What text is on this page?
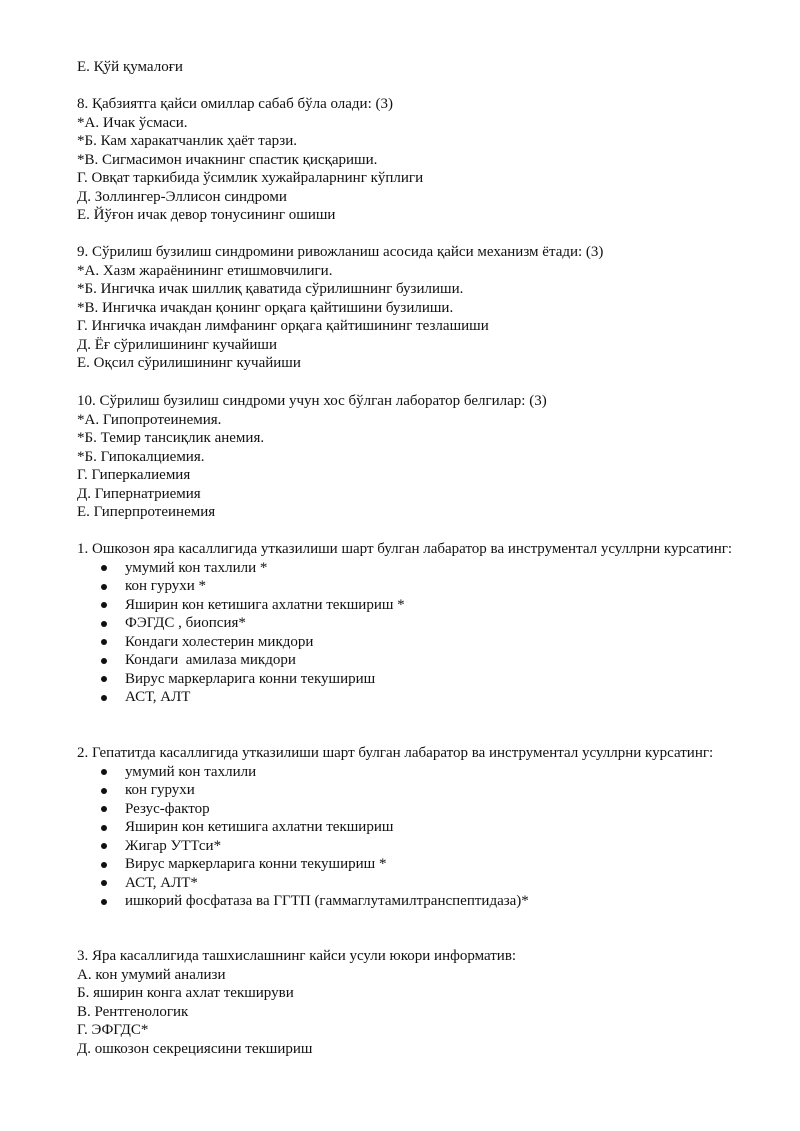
Е. Қўй қумалоғи

8. Қабзиятга қайси омиллар сабаб бўла олади: (3)

*А. Ичак ўсмаси.

*Б. Кам харакатчанлик ҳаёт тарзи.

*В. Сигмасимон ичакнинг спастик қисқариши.

Г. Овқат таркибида ўсимлик хужайраларнинг кўплиги

Д. Золлингер-Эллисон синдроми

Е. Йўғон ичак девор тонусининг ошиши

9. Сўрилиш бузилиш синдромини ривожланиш асосида қайси механизм ётади: (3)

*А. Хазм жараёнининг етишмовчилиги.

*Б. Ингичка ичак шиллиқ қаватида сўрилишнинг бузилиши.

*В. Ингичка ичакдан қонинг орқага қайтишини бузилиши.

Г. Ингичка ичакдан лимфанинг орқага қайтишининг тезлашиши

Д. Ёғ сўрилишининг кучайиши

Е. Оқсил сўрилишининг кучайиши

10. Сўрилиш бузилиш синдроми учун хос бўлган лаборатор белгилар: (3)

*А. Гипопротеинемия.

*Б. Темир тансиқлик анемия.

*Б. Гипокалциемия.

Г. Гиперкалиемия

Д. Гипернатриемия

Е. Гиперпротеинемия

1. Ошкозон яра касаллигида утказилиши шарт булган лабаратор ва инструментал усуллрни курсатинг:

умумий кон тахлили *
кон гурухи *
Яширин кон кетишига ахлатни текшириш *
ФЭГДС , биопсия*
Кондаги холестерин микдори
Кондаги  амилаза микдори
Вирус маркерларига конни текушириш
АСТ, АЛТ

2. Гепатитда касаллигида утказилиши шарт булган лабаратор ва инструментал усуллрни курсатинг:

умумий кон тахлили
кон гурухи
Резус-фактор
Яширин кон кетишига ахлатни текшириш
Жигар УТТси*
Вирус маркерларига конни текушириш *
АСТ, АЛТ*
ишкорий фосфатаза ва ГГТП (гаммаглутамилтранспептидаза)*

3. Яра касаллигида ташхислашнинг кайси усули юкори информатив:

А. кон умумий анализи

Б. яширин конга ахлат текшируви

В. Рентгенологик

Г. ЭФГДС*

Д. ошкозон секрециясини текшириш
